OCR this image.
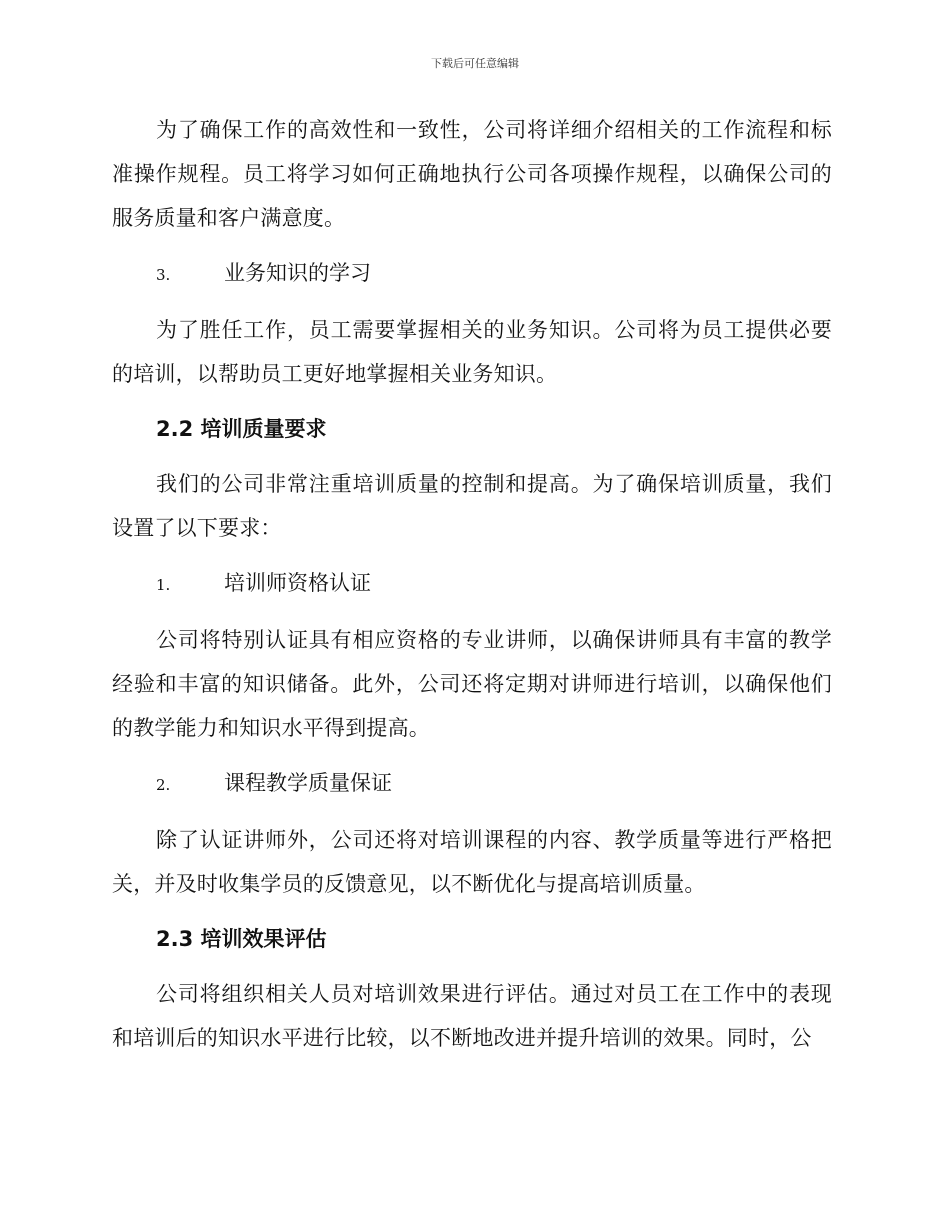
下载后可任意编辑

为了确保工作的高效性和一致性，公司将详细介绍相关的工作流程和标准操作规程。员工将学习如何正确地执行公司各项操作规程，以确保公司的服务质量和客户满意度。

3.	业务知识的学习

为了胜任工作，员工需要掌握相关的业务知识。公司将为员工提供必要的培训，以帮助员工更好地掌握相关业务知识。

2.2 培训质量要求

我们的公司非常注重培训质量的控制和提高。为了确保培训质量，我们设置了以下要求：

1.	培训师资格认证

公司将特别认证具有相应资格的专业讲师，以确保讲师具有丰富的教学经验和丰富的知识储备。此外，公司还将定期对讲师进行培训，以确保他们的教学能力和知识水平得到提高。

2.	课程教学质量保证

除了认证讲师外，公司还将对培训课程的内容、教学质量等进行严格把关，并及时收集学员的反馈意见，以不断优化与提高培训质量。

2.3 培训效果评估

公司将组织相关人员对培训效果进行评估。通过对员工在工作中的表现和培训后的知识水平进行比较，以不断地改进并提升培训的效果。同时，公
